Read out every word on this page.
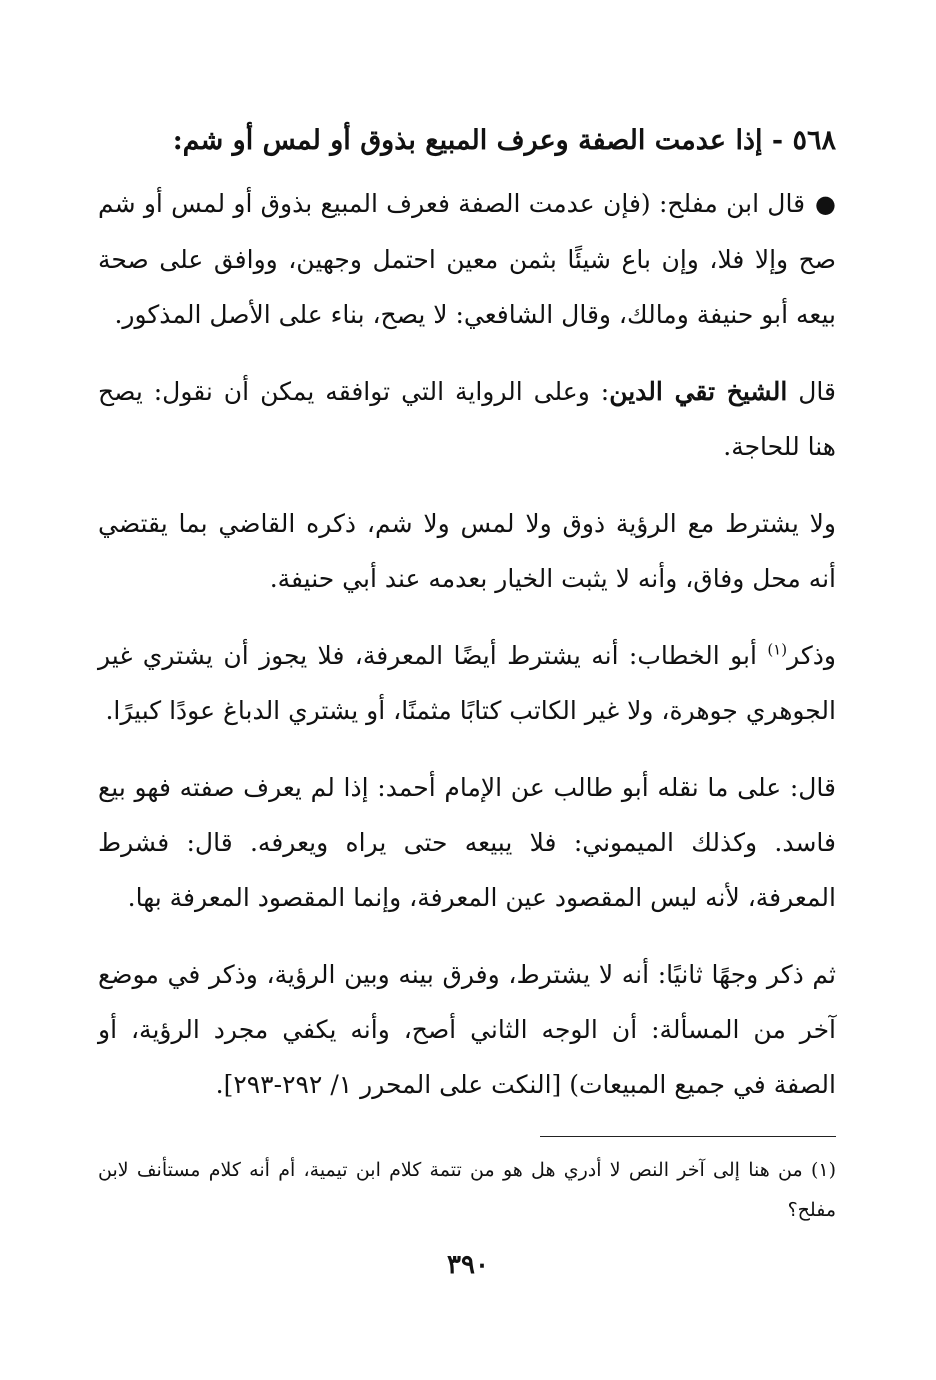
٥٦٨ - إذا عدمت الصفة وعرف المبيع بذوق أو لمس أو شم:

●قال ابن مفلح: (فإن عدمت الصفة فعرف المبيع بذوق أو لمس أو شم صح وإلا فلا، وإن باع شيئًا بثمن معين احتمل وجهين، ووافق على صحة بيعه أبو حنيفة ومالك، وقال الشافعي: لا يصح، بناء على الأصل المذكور.

قال الشيخ تقي الدين: وعلى الرواية التي توافقه يمكن أن نقول: يصح هنا للحاجة.

ولا يشترط مع الرؤية ذوق ولا لمس ولا شم، ذكره القاضي بما يقتضي أنه محل وفاق، وأنه لا يثبت الخيار بعدمه عند أبي حنيفة.

وذكر$^{(١)}$ أبو الخطاب: أنه يشترط أيضًا المعرفة، فلا يجوز أن يشتري غير الجوهري جوهرة، ولا غير الكاتب كتابًا مثمنًا، أو يشتري الدباغ عودًا كبيرًا.

قال: على ما نقله أبو طالب عن الإمام أحمد: إذا لم يعرف صفته فهو بيع فاسد. وكذلك الميموني: فلا يبيعه حتى يراه ويعرفه. قال: فشرط المعرفة، لأنه ليس المقصود عين المعرفة، وإنما المقصود المعرفة بها.

ثم ذكر وجهًا ثانيًا: أنه لا يشترط، وفرق بينه وبين الرؤية، وذكر في موضع آخر من المسألة: أن الوجه الثاني أصح، وأنه يكفي مجرد الرؤية، أو الصفة في جميع المبيعات) [النكت على المحرر ١/ ٢٩٢-٢٩٣].

(١) من هنا إلى آخر النص لا أدري هل هو من تتمة كلام ابن تيمية، أم أنه كلام مستأنف لابن مفلح؟
٣٩٠
